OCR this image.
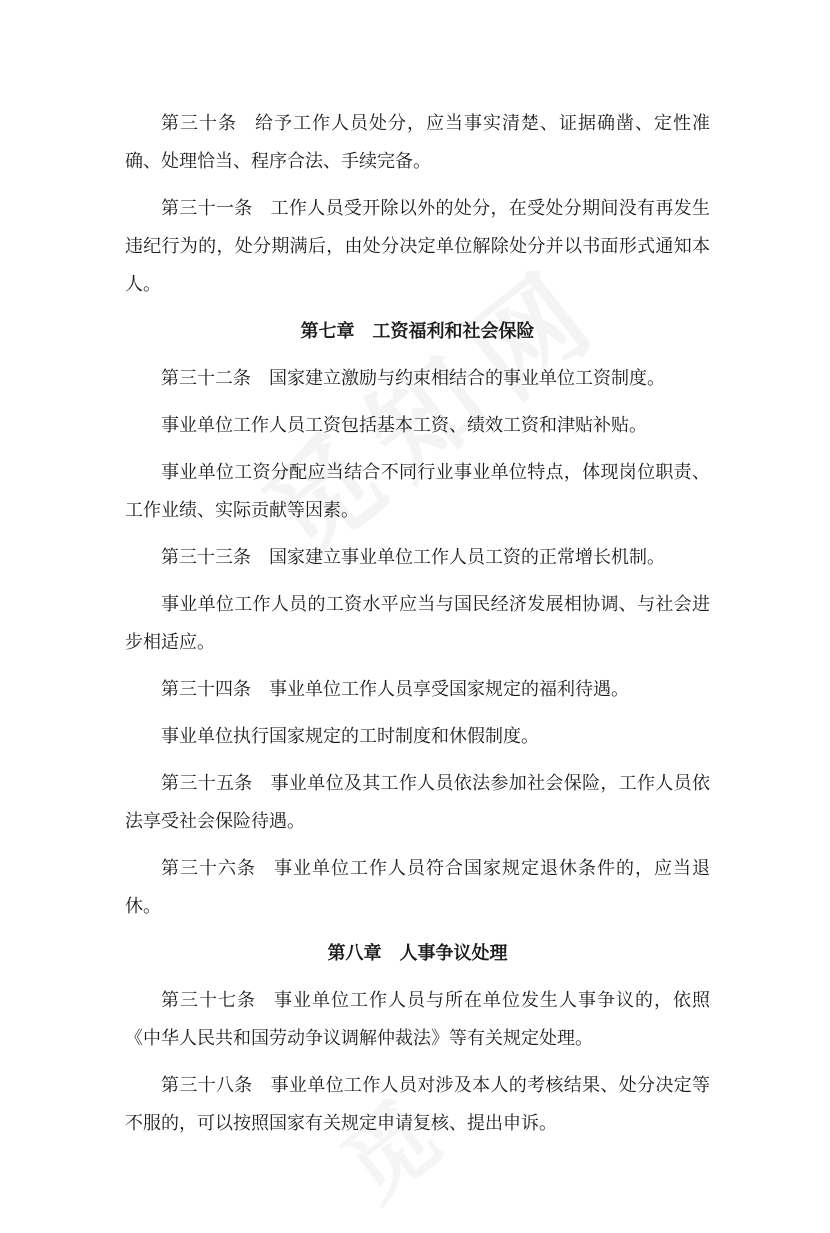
第三十条 给予工作人员处分，应当事实清楚、证据确凿、定性准确、处理恰当、程序合法、手续完备。

第三十一条 工作人员受开除以外的处分，在受处分期间没有再发生违纪行为的，处分期满后，由处分决定单位解除处分并以书面形式通知本人。

第七章 工资福利和社会保险

第三十二条 国家建立激励与约束相结合的事业单位工资制度。

事业单位工作人员工资包括基本工资、绩效工资和津贴补贴。

事业单位工资分配应当结合不同行业事业单位特点，体现岗位职责、工作业绩、实际贡献等因素。

第三十三条 国家建立事业单位工作人员工资的正常增长机制。

事业单位工作人员的工资水平应当与国民经济发展相协调、与社会进步相适应。

第三十四条 事业单位工作人员享受国家规定的福利待遇。

事业单位执行国家规定的工时制度和休假制度。

第三十五条 事业单位及其工作人员依法参加社会保险，工作人员依法享受社会保险待遇。

第三十六条 事业单位工作人员符合国家规定退休条件的，应当退休。

第八章 人事争议处理

第三十七条 事业单位工作人员与所在单位发生人事争议的，依照《中华人民共和国劳动争议调解仲裁法》等有关规定处理。

第三十八条 事业单位工作人员对涉及本人的考核结果、处分决定等不服的，可以按照国家有关规定申请复核、提出申诉。
